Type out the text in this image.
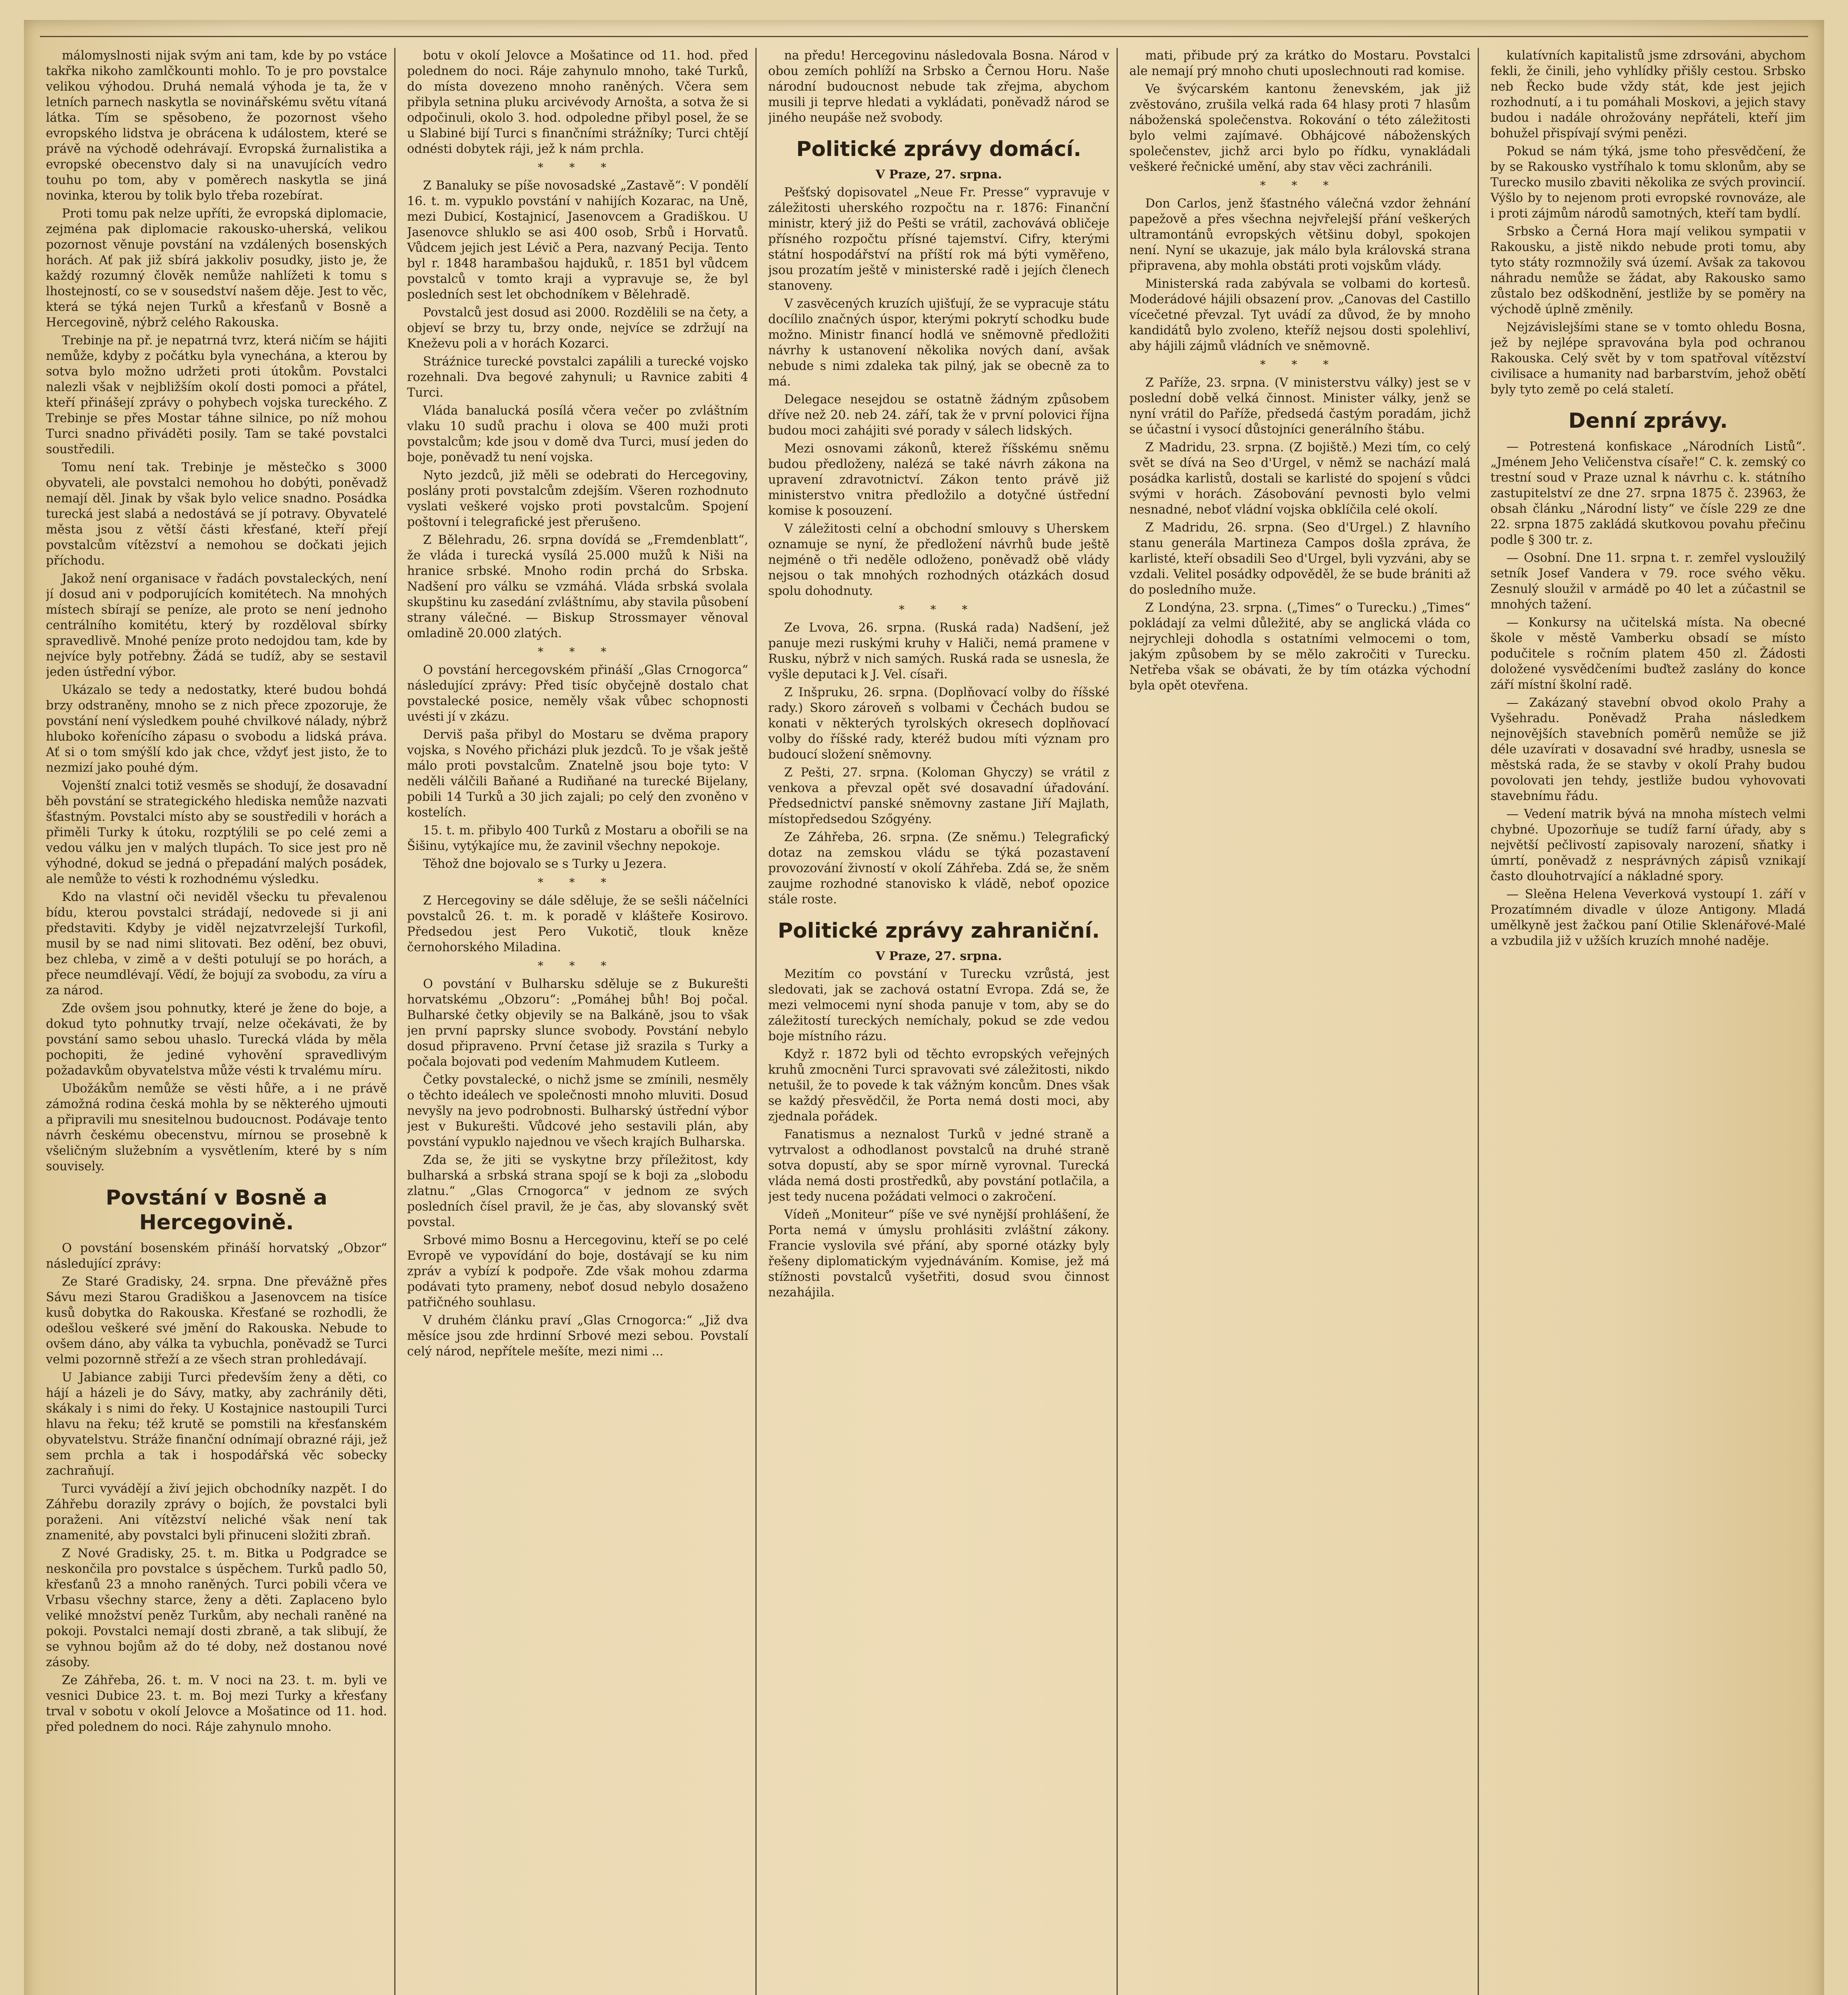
málomyslnosti nijak svým ani tam, kde by po vstáce takřka nikoho zamlčkounti mohlo. To je pro povstalce velikou výhodou. Druhá nemalá výhoda je ta, že v letních parnech naskytla se novinářskému světu vítaná látka. Tím se spěsobeno, že pozornost všeho evropského lidstva je obrácena k událostem, které se právě na východě odehrávají. Evropská žurnalistika a evropské obecenstvo daly si na unavujících vedro touhu po tom, aby v poměrech naskytla se jiná novinka, kterou by tolik bylo třeba rozebírat.

Proti tomu pak nelze upříti, že evropská diplomacie, zejména pak diplomacie rakousko-uherská, velikou pozornost věnuje povstání na vzdálených bosenských horách. Ať pak již sbírá jakkoliv posudky, jisto je, že každý rozumný člověk nemůže nahlížeti k tomu s lhostejností, co se v sousedství našem děje. Jest to věc, která se týká nejen Turků a křesťanů v Bosně a Hercegovině, nýbrž celého Rakouska.

Trebinje na př. je nepatrná tvrz, která ničím se hájiti nemůže, kdyby z počátku byla vynechána, a kterou by sotva bylo možno udržeti proti útokům. Povstalci nalezli však v nejbližším okolí dosti pomoci a přátel, kteří přinášejí zprávy o pohybech vojska tureckého. Z Trebinje se přes Mostar táhne silnice, po níž mohou Turci snadno přiváděti posily. Tam se také povstalci soustředili.

Tomu není tak. Trebinje je městečko s 3000 obyvateli, ale povstalci nemohou ho dobýti, poněvadž nemají děl. Jinak by však bylo velice snadno. Posádka turecká jest slabá a nedostává se jí potravy. Obyvatelé města jsou z větší části křesťané, kteří přejí povstalcům vítězství a nemohou se dočkati jejich příchodu.

Jakož není organisace v řadách povstaleckých, není jí dosud ani v podporujících komitétech. Na mnohých místech sbírají se peníze, ale proto se není jednoho centrálního komitétu, který by rozděloval sbírky spravedlivě. Mnohé peníze proto nedojdou tam, kde by nejvíce byly potřebny. Žádá se tudíž, aby se sestavil jeden ústřední výbor.

Ukázalo se tedy a nedostatky, které budou bohdá brzy odstraněny, mnoho se z nich přece zpozoruje, že povstání není výsledkem pouhé chvilkové nálady, nýbrž hluboko kořenícího zápasu o svobodu a lidská práva. Ať si o tom smýšlí kdo jak chce, vždyť jest jisto, že to nezmizí jako pouhé dým.

Vojenští znalci totiž vesměs se shodují, že dosavadní běh povstání se strategického hlediska nemůže nazvati šťastným. Povstalci místo aby se soustředili v horách a přiměli Turky k útoku, rozptýlili se po celé zemi a vedou válku jen v malých tlupách. To sice jest pro ně výhodné, dokud se jedná o přepadání malých posádek, ale nemůže to vésti k rozhodnému výsledku.

Kdo na vlastní oči neviděl všecku tu převalenou bídu, kterou povstalci strádají, nedovede si ji ani představiti. Kdyby je viděl nejzatvrzelejší Turkofil, musil by se nad nimi slitovati. Bez odění, bez obuvi, bez chleba, v zimě a v dešti potulují se po horách, a přece neumdlévají. Vědí, že bojují za svobodu, za víru a za národ.

Zde ovšem jsou pohnutky, které je žene do boje, a dokud tyto pohnutky trvají, nelze očekávati, že by povstání samo sebou uhaslo. Turecká vláda by měla pochopiti, že jediné vyhovění spravedlivým požadavkům obyvatelstva může vésti k trvalému míru.

Ubožákům nemůže se věsti hůře, a i ne právě zámožná rodina česká mohla by se některého ujmouti a připravili mu snesitelnou budoucnost. Podávaje tento návrh českému obecenstvu, mírnou se prosebně k všeličným služebním a vysvětlením, které by s ním souvisely.

Povstání v Bosně a Hercegovině.

O povstání bosenském přináší horvatský „Obzor“ následující zprávy:

Ze Staré Gradisky, 24. srpna. Dne převážně přes Sávu mezi Starou Gradiškou a Jasenovcem na tisíce kusů dobytka do Rakouska. Křesťané se rozhodli, že odešlou veškeré své jmění do Rakouska. Nebude to ovšem dáno, aby válka ta vybuchla, poněvadž se Turci velmi pozornně střeží a ze všech stran prohledávají.

U Jabiance zabiji Turci především ženy a děti, co hájí a házeli je do Sávy, matky, aby zachránily děti, skákaly i s nimi do řeky. U Kostajnice nastoupili Turci hlavu na řeku; též krutě se pomstili na křesťanském obyvatelstvu. Stráže finanční odnímají obrazné ráji, jež sem prchla a tak i hospodářská věc sobecky zachraňují.

Turci vyvádějí a živí jejich obchodníky nazpět. I do Záhřebu dorazily zprávy o bojích, že povstalci byli poraženi. Ani vítězství neliché však není tak znamenité, aby povstalci byli přinuceni složiti zbraň.

Z Nové Gradisky, 25. t. m. Bitka u Podgradce se neskončila pro povstalce s úspěchem. Turků padlo 50, křesťanů 23 a mnoho raněných. Turci pobili včera ve Vrbasu všechny starce, ženy a děti. Zaplaceno bylo veliké množství peněz Turkům, aby nechali raněné na pokoji. Povstalci nemají dosti zbraně, a tak slibují, že se vyhnou bojům až do té doby, než dostanou nové zásoby.

Ze Záhřeba, 26. t. m. V noci na 23. t. m. byli ve vesnici Dubice 23. t. m. Boj mezi Turky a křesťany trval v sobotu v okolí Jelovce a Mošatince od 11. hod. před polednem do noci. Ráje zahynulo mnoho.

botu v okolí Jelovce a Mošatince od 11. hod. před polednem do noci. Ráje zahynulo mnoho, také Turků, do místa dovezeno mnoho raněných. Včera sem přibyla setnina pluku arcivévody Arnošta, a sotva že si odpočinuli, okolo 3. hod. odpoledne přibyl posel, že se u Slabiné bijí Turci s finančními strážníky; Turci chtějí odnésti dobytek ráji, jež k nám prchla.

* * *

Z Banaluky se píše novosadské „Zastavě“: V pondělí 16. t. m. vypuklo povstání v nahijích Kozarac, na Uně, mezi Dubicí, Kostajnicí, Jasenovcem a Gradiškou. U Jasenovce shluklo se asi 400 osob, Srbů i Horvatů. Vůdcem jejich jest Lévič a Pera, nazvaný Pecija. Tento byl r. 1848 harambašou hajduků, r. 1851 byl vůdcem povstalců v tomto kraji a vypravuje se, že byl posledních sest let obchodníkem v Bělehradě.

Povstalců jest dosud asi 2000. Rozdělili se na čety, a objeví se brzy tu, brzy onde, nejvíce se zdržují na Kneževu poli a v horách Kozarci.

Stráźnice turecké povstalci zapálili a turecké vojsko rozehnali. Dva begové zahynuli; u Ravnice zabiti 4 Turci.

Vláda banalucká posílá včera večer po zvláštním vlaku 10 sudů prachu i olova se 400 muži proti povstalcům; kde jsou v domě dva Turci, musí jeden do boje, poněvadž tu není vojska.

Nyto jezdců, již měli se odebrati do Hercegoviny, poslány proti povstalcům zdejším. Všeren rozhodnuto vyslati veškeré vojsko proti povstalcům. Spojení poštovní i telegrafické jest přerušeno.

Z Bělehradu, 26. srpna dovídá se „Fremdenblatt“, že vláda i turecká vysílá 25.000 mužů k Niši na hranice srbské. Mnoho rodin prchá do Srbska. Nadšení pro válku se vzmáhá. Vláda srbská svolala skupštinu ku zasedání zvláštnímu, aby stavila působení strany válečné. — Biskup Strossmayer věnoval omladině 20.000 zlatých.

* * *

O povstání hercegovském přináší „Glas Crnogorca“ následující zprávy: Před tisíc obyčejně dostalo chat povstalecké posice, neměly však vůbec schopnosti uvésti jí v zkázu.

Derviš paša přibyl do Mostaru se dvěma prapory vojska, s Nového přicházi pluk jezdců. To je však ještě málo proti povstalcům. Znatelně jsou boje tyto: V neděli válčili Baňané a Rudiňané na turecké Bijelany, pobili 14 Turků a 30 jich zajali; po celý den zvoněno v kostelích.

15. t. m. přibylo 400 Turků z Mostaru a obořili se na Šišinu, vytýkajíce mu, že zavinil všechny nepokoje.

Těhož dne bojovalo se s Turky u Jezera.

* * *

Z Hercegoviny se dále sděluje, že se sešli náčelníci povstalců 26. t. m. k poradě v klášteře Kosirovo. Předsedou jest Pero Vukotič, tlouk kněze černohorského Miladina.

* * *

O povstání v Bulharsku sděluje se z Bukurešti horvatskému „Obzoru“: „Pomáhej bůh! Boj počal. Bulharské četky objevily se na Balkáně, jsou to však jen první paprsky slunce svobody. Povstání nebylo dosud připraveno. První četase již srazila s Turky a počala bojovati pod vedením Mahmudem Kutleem.

Četky povstalecké, o nichž jsme se zmínili, nesměly o těchto ideálech ve společnosti mnoho mluviti. Dosud nevyšly na jevo podrobnosti. Bulharský ústřední výbor jest v Bukurešti. Vůdcové jeho sestavili plán, aby povstání vypuklo najednou ve všech krajích Bulharska.

Zda se, že jiti se vyskytne brzy příležitost, kdy bulharská a srbská strana spojí se k boji za „slobodu zlatnu.“ „Glas Crnogorca“ v jednom ze svých posledních čísel pravil, že je čas, aby slovanský svět povstal.

Srbové mimo Bosnu a Hercegovinu, kteří se po celé Evropě ve vypovídání do boje, dostávají se ku nim zpráv a vybízí k podpoře. Zde však mohou zdarma podávati tyto prameny, neboť dosud nebylo dosaženo patřičného souhlasu.

V druhém článku praví „Glas Crnogorca:“ „Již dva měsíce jsou zde hrdinní Srbové mezi sebou. Povstalí celý národ, nepřítele mešíte, mezi nimi ...

na předu! Hercegovinu následovala Bosna. Národ v obou zemích pohlíží na Srbsko a Černou Horu. Naše národní budoucnost nebude tak zřejma, abychom musili ji teprve hledati a vykládati, poněvadž národ se jiného neupáše než svobody.

Politické zprávy domácí.
V Praze, 27. srpna.

Pešťský dopisovatel „Neue Fr. Presse“ vypravuje v záležitosti uherského rozpočtu na r. 1876: Finanční ministr, který již do Pešti se vrátil, zachovává obličeje přísného rozpočtu přísné tajemství. Cifry, kterými státní hospodářství na příští rok má býti vyměřeno, jsou prozatím ještě v ministerské radě i jejích členech stanoveny.

V zasvěcených kruzích ujišťují, že se vypracuje státu docílilo značných úspor, kterými pokrytí schodku bude možno. Ministr financí hodlá ve sněmovně předložiti návrhy k ustanovení několika nových daní, avšak nebude s nimi zdaleka tak pilný, jak se obecně za to má.

Delegace nesejdou se ostatně žádným způsobem dříve než 20. neb 24. září, tak že v první polovici října budou moci zahájiti své porady v sálech lidských.

Mezi osnovami zákonů, kterež říšskému sněmu budou předloženy, nalézá se také návrh zákona na upravení zdravotnictví. Zákon tento právě již ministerstvo vnitra předložilo a dotyčné ústřední komise k posouzení.

V záležitosti celní a obchodní smlouvy s Uherskem oznamuje se nyní, že předložení návrhů bude ještě nejméně o tři neděle odloženo, poněvadž obě vlády nejsou o tak mnohých rozhodných otázkách dosud spolu dohodnuty.

* * *

Ze Lvova, 26. srpna. (Ruská rada) Nadšení, jež panuje mezi ruskými kruhy v Haliči, nemá pramene v Rusku, nýbrž v nich samých. Ruská rada se usnesla, že vyšle deputaci k J. Vel. císaři.

Z Inšpruku, 26. srpna. (Doplňovací volby do říšské rady.) Skoro zároveň s volbami v Čechách budou se konati v některých tyrolských okresech doplňovací volby do říšské rady, kteréž budou míti význam pro budoucí složení sněmovny.

Z Pešti, 27. srpna. (Koloman Ghyczy) se vrátil z venkova a převzal opět své dosavadní úřadování. Předsednictví panské sněmovny zastane Jiří Majlath, místopředsedou Szőgyény.

Ze Záhřeba, 26. srpna. (Ze sněmu.) Telegrafický dotaz na zemskou vládu se týká pozastavení provozování živností v okolí Záhřeba. Zdá se, že sněm zaujme rozhodné stanovisko k vládě, neboť opozice stále roste.

Politické zprávy zahraniční.
V Praze, 27. srpna.

Mezitím co povstání v Turecku vzrůstá, jest sledovati, jak se zachová ostatní Evropa. Zdá se, že mezi velmocemi nyní shoda panuje v tom, aby se do záležitostí tureckých nemíchaly, pokud se zde vedou boje místního rázu.

Když r. 1872 byli od těchto evropských veřejných kruhů zmocněni Turci spravovati své záležitosti, nikdo netušil, že to povede k tak vážným koncům. Dnes však se každý přesvědčil, že Porta nemá dosti moci, aby zjednala pořádek.

Fanatismus a neznalost Turků v jedné straně a vytrvalost a odhodlanost povstalců na druhé straně sotva dopustí, aby se spor mírně vyrovnal. Turecká vláda nemá dosti prostředků, aby povstání potlačila, a jest tedy nucena požádati velmoci o zakročení.

Vídeň „Moniteur“ píše ve své nynější prohlášení, že Porta nemá v úmyslu prohlásiti zvláštní zákony. Francie vyslovila své přání, aby sporné otázky byly řešeny diplomatickým vyjednáváním. Komise, jež má stížnosti povstalců vyšetřiti, dosud svou činnost nezahájila.

mati, přibude prý za krátko do Mostaru. Povstalci ale nemají prý mnoho chuti uposlechnouti rad komise.

Ve švýcarském kantonu ženevském, jak již zvěstováno, zrušila velká rada 64 hlasy proti 7 hlasům náboženská společenstva. Rokování o této záležitosti bylo velmi zajímavé. Obhájcové náboženských společenstev, jichž arci bylo po řídku, vynakládali veškeré řečnické umění, aby stav věci zachránili.

* * *

Don Carlos, jenž šťastného válečná vzdor žehnání papežově a přes všechna nejvřelejší přání veškerých ultramontánů evropských většinu dobyl, spokojen není. Nyní se ukazuje, jak málo byla královská strana připravena, aby mohla obstáti proti vojskům vlády.

Ministerská rada zabývala se volbami do kortesů. Moderádové hájili obsazení prov. „Canovas del Castillo vícečetné převzal. Tyt uvádí za důvod, že by mnoho kandidátů bylo zvoleno, kteříž nejsou dosti spolehliví, aby hájili zájmů vládních ve sněmovně.

* * *

Z Paříže, 23. srpna. (V ministerstvu války) jest se v poslední době velká činnost. Minister války, jenž se nyní vrátil do Paříže, předsedá častým poradám, jichž se účastní i vysocí důstojníci generálního štábu.

Z Madridu, 23. srpna. (Z bojiště.) Mezi tím, co celý svět se dívá na Seo d'Urgel, v němž se nachází malá posádka karlistů, dostali se karlisté do spojení s vůdci svými v horách. Zásobování pevnosti bylo velmi nesnadné, neboť vládní vojska obklíčila celé okolí.

Z Madridu, 26. srpna. (Seo d'Urgel.) Z hlavního stanu generála Martineza Campos došla zpráva, že karlisté, kteří obsadili Seo d'Urgel, byli vyzváni, aby se vzdali. Velitel posádky odpověděl, že se bude brániti až do posledního muže.

Z Londýna, 23. srpna. („Times“ o Turecku.) „Times“ pokládají za velmi důležité, aby se anglická vláda co nejrychleji dohodla s ostatními velmocemi o tom, jakým způsobem by se mělo zakročiti v Turecku. Netřeba však se obávati, že by tím otázka východní byla opět otevřena.

kulatívních kapitalistů jsme zdrsováni, abychom fekli, že činili, jeho vyhlídky přišly cestou. Srbsko neb Řecko bude vždy stát, kde jest jejich rozhodnutí, a i tu pomáhali Moskovi, a jejich stavy budou i nadále ohrožovány nepřáteli, kteří jim bohužel přispívají svými penězi.

Pokud se nám týká, jsme toho přesvědčení, že by se Rakousko vystříhalo k tomu sklonům, aby se Turecko musilo zbaviti několika ze svých provincií. Výšlo by to nejenom proti evropské rovnováze, ale i proti zájmům národů samotných, kteří tam bydlí.

Srbsko a Černá Hora mají velikou sympatii v Rakousku, a jistě nikdo nebude proti tomu, aby tyto státy rozmnožily svá území. Avšak za takovou náhradu nemůže se žádat, aby Rakousko samo zůstalo bez odškodnění, jestliže by se poměry na východě úplně změnily.

Nejzávislejšími stane se v tomto ohledu Bosna, jež by nejlépe spravována byla pod ochranou Rakouska. Celý svět by v tom spatřoval vítězství civilisace a humanity nad barbarstvím, jehož obětí byly tyto země po celá staletí.

Denní zprávy.

— Potrestená konfiskace „Národních Listů“. „Jménem Jeho Veličenstva císaře!“ C. k. zemský co trestní soud v Praze uznal k návrhu c. k. státního zastupitelství ze dne 27. srpna 1875 č. 23963, že obsah článku „Národní listy“ ve čísle 229 ze dne 22. srpna 1875 zakládá skutkovou povahu přečinu podle § 300 tr. z.

— Osobní. Dne 11. srpna t. r. zemřel vysloužilý setník Josef Vandera v 79. roce svého věku. Zesnulý sloužil v armádě po 40 let a zúčastnil se mnohých tažení.

— Konkursy na učitelská místa. Na obecné škole v městě Vamberku obsadí se místo podučitele s ročním platem 450 zl. Žádosti doložené vysvědčeními buďtež zaslány do konce září místní školní radě.

— Zakázaný stavební obvod okolo Prahy a Vyšehradu. Poněvadž Praha následkem nejnovějších stavebních poměrů nemůže se již déle uzavírati v dosavadní své hradby, usnesla se městská rada, že se stavby v okolí Prahy budou povolovati jen tehdy, jestliže budou vyhovovati stavebnímu řádu.

— Vedení matrik bývá na mnoha místech velmi chybné. Upozorňuje se tudíž farní úřady, aby s největší pečlivostí zapisovaly narození, sňatky i úmrtí, poněvadž z nesprávných zápisů vznikají často dlouhotrvající a nákladné spory.

— Sleěna Helena Veverková vystoupí 1. září v Prozatímném divadle v úloze Antigony. Mladá umělkyně jest žačkou paní Otilie Sklenářové-Malé a vzbudila již v užších kruzích mnohé naděje.
